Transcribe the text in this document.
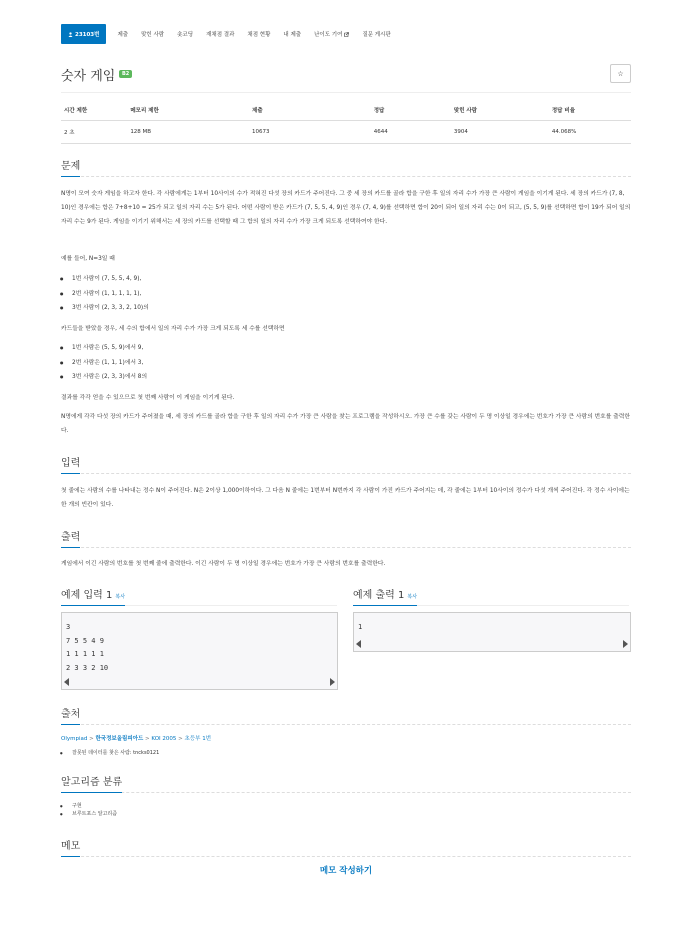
23103번	제출 맞힌 사람 숏코딩 재채점 결과 채점 현황 내 제출 난이도 기여	질문 게시판
숫자 게임	B2	☆
시간 제한	메모리 제한	제출	정답	맞힌 사람	정답 비율
2 초	128 MB	10673	4644	3904	44.068%
문제

N명이 모여 숫자 게임을 하고자 한다. 각 사람에게는 1부터 10사이의 수가 적혀진 다섯 장의 카드가 주어진다. 그 중 세 장의 카드를 골라 합을 구한 후 일의 자리 수가 가장 큰 사람이 게임을 이기게 된다. 세 장의 카드가 (7, 8, 10)인 경우에는 합은 7+8+10 = 25가 되고 일의 자리 수는 5가 된다. 어떤 사람이 받은 카드가 (7, 5, 5, 4, 9)인 경우 (7, 4, 9)를 선택하면 합이 20이 되어 일의 자리 수는 0이 되고, (5, 5, 9)를 선택하면 합이 19가 되어 일의 자리 수는 9가 된다. 게임을 이기기 위해서는 세 장의 카드를 선택할 때 그 합의 일의 자리 수가 가장 크게 되도록 선택하여야 한다.

예를 들어, N=3일 때

● 1번 사람이 (7, 5, 5, 4, 9),
● 2번 사람이 (1, 1, 1, 1, 1),
● 3번 사람이 (2, 3, 3, 2, 10)의

카드들을 받았을 경우, 세 수의 합에서 일의 자리 수가 가장 크게 되도록 세 수를 선택하면

● 1번 사람은 (5, 5, 9)에서 9,
● 2번 사람은 (1, 1, 1)에서 3,
● 3번 사람은 (2, 3, 3)에서 8의

결과를 각각 얻을 수 있으므로 첫 번째 사람이 이 게임을 이기게 된다.

N명에게 각각 다섯 장의 카드가 주어졌을 때, 세 장의 카드를 골라 합을 구한 후 일의 자리 수가 가장 큰 사람을 찾는 프로그램을 작성하시오. 가장 큰 수를 갖는 사람이 두 명 이상일 경우에는 번호가 가장 큰 사람의 번호를 출력한다.

입력

첫 줄에는 사람의 수를 나타내는 정수 N이 주어진다. N은 2이상 1,000이하이다. 그 다음 N 줄에는 1번부터 N번까지 각 사람이 가진 카드가 주어지는 데, 각 줄에는 1부터 10사이의 정수가 다섯 개씩 주어진다. 각 정수 사이에는 한 개의 빈칸이 있다.

출력

게임에서 이긴 사람의 번호를 첫 번째 줄에 출력한다. 이긴 사람이 두 명 이상일 경우에는 번호가 가장 큰 사람의 번호를 출력한다.

예제 입력 1 복사	예제 출력 1 복사
3
7 5 5 4 9
1 1 1 1 1
2 3 3 2 10
1
출처
Olympiad > 한국정보올림피아드 > KOI 2005 > 초등부 1번
● 잘못된 데이터를 찾은 사람: tncks0121
알고리즘 분류
● 구현
● 브루트포스 알고리즘
메모
메모 작성하기
